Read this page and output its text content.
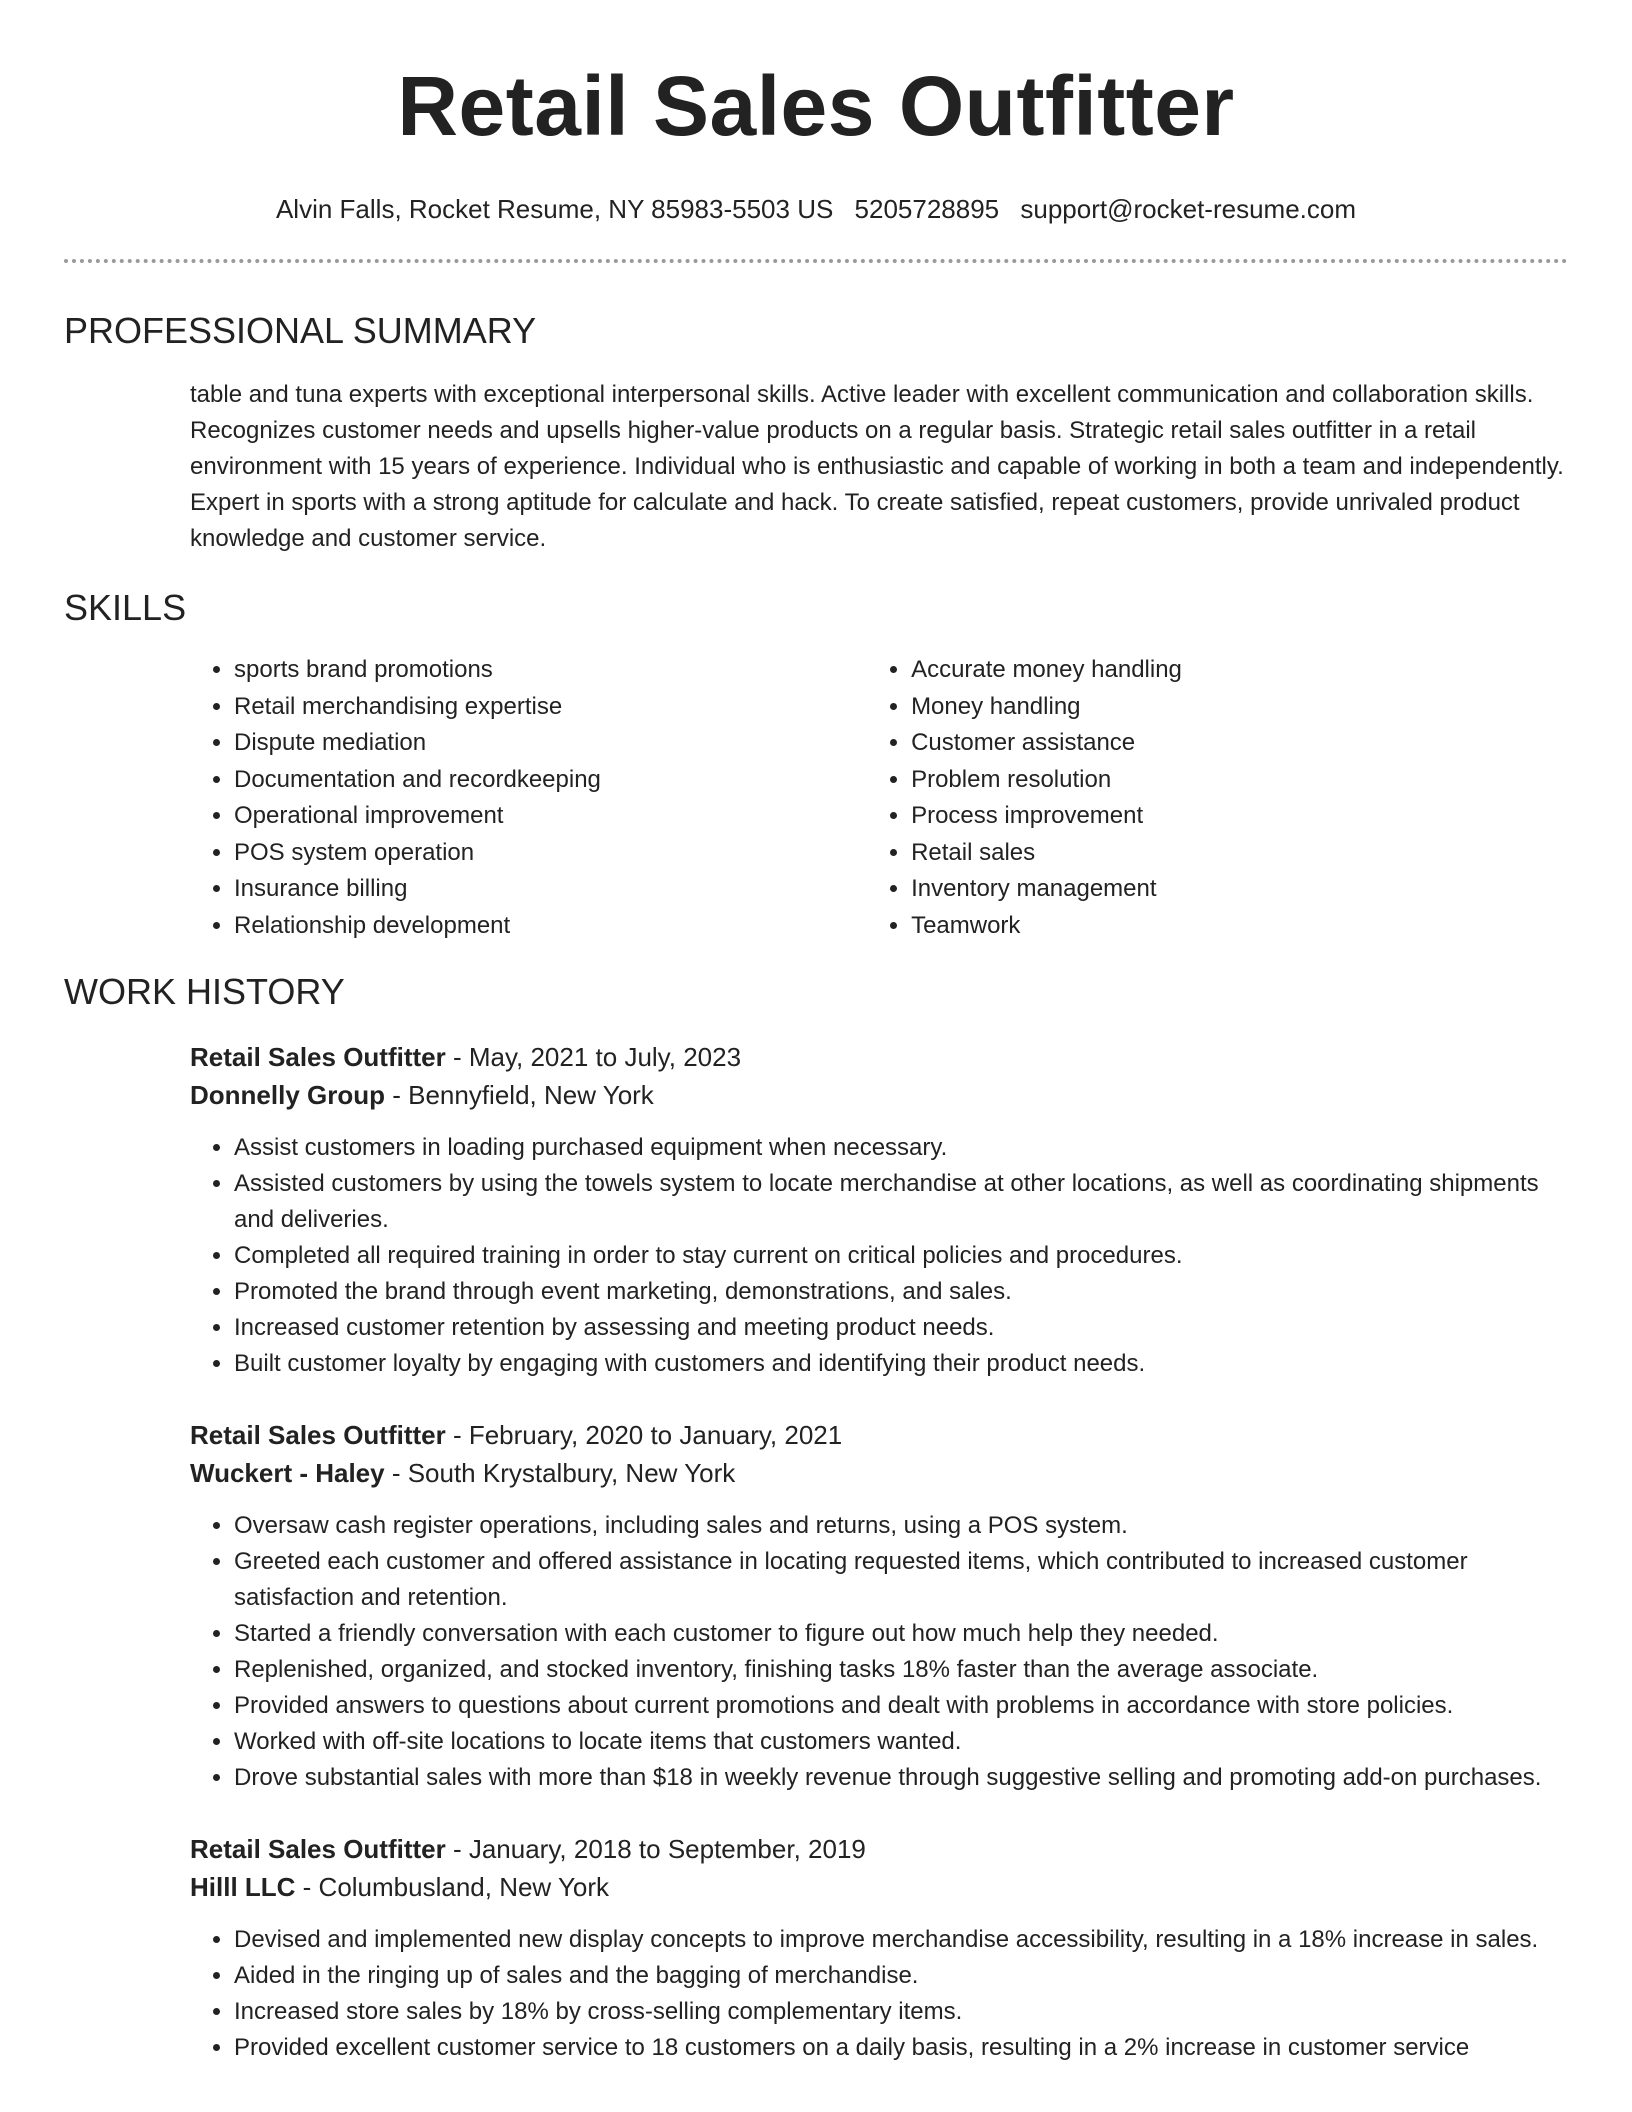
Retail Sales Outfitter
Alvin Falls, Rocket Resume, NY 85983-5503 US 5205728895 support@rocket-resume.com
PROFESSIONAL SUMMARY
table and tuna experts with exceptional interpersonal skills. Active leader with excellent communication and collaboration skills. Recognizes customer needs and upsells higher-value products on a regular basis. Strategic retail sales outfitter in a retail environment with 15 years of experience. Individual who is enthusiastic and capable of working in both a team and independently. Expert in sports with a strong aptitude for calculate and hack. To create satisfied, repeat customers, provide unrivaled product knowledge and customer service.
SKILLS
• sports brand promotions
• Retail merchandising expertise
• Dispute mediation
• Documentation and recordkeeping
• Operational improvement
• POS system operation
• Insurance billing
• Relationship development
• Accurate money handling
• Money handling
• Customer assistance
• Problem resolution
• Process improvement
• Retail sales
• Inventory management
• Teamwork
WORK HISTORY
Retail Sales Outfitter - May, 2021 to July, 2023
Donnelly Group - Bennyfield, New York
• Assist customers in loading purchased equipment when necessary.
• Assisted customers by using the towels system to locate merchandise at other locations, as well as coordinating shipments and deliveries.
• Completed all required training in order to stay current on critical policies and procedures.
• Promoted the brand through event marketing, demonstrations, and sales.
• Increased customer retention by assessing and meeting product needs.
• Built customer loyalty by engaging with customers and identifying their product needs.
Retail Sales Outfitter - February, 2020 to January, 2021
Wuckert - Haley - South Krystalbury, New York
• Oversaw cash register operations, including sales and returns, using a POS system.
• Greeted each customer and offered assistance in locating requested items, which contributed to increased customer satisfaction and retention.
• Started a friendly conversation with each customer to figure out how much help they needed.
• Replenished, organized, and stocked inventory, finishing tasks 18% faster than the average associate.
• Provided answers to questions about current promotions and dealt with problems in accordance with store policies.
• Worked with off-site locations to locate items that customers wanted.
• Drove substantial sales with more than $18 in weekly revenue through suggestive selling and promoting add-on purchases.
Retail Sales Outfitter - January, 2018 to September, 2019
Hilll LLC - Columbusland, New York
• Devised and implemented new display concepts to improve merchandise accessibility, resulting in a 18% increase in sales.
• Aided in the ringing up of sales and the bagging of merchandise.
• Increased store sales by 18% by cross-selling complementary items.
• Provided excellent customer service to 18 customers on a daily basis, resulting in a 2% increase in customer service
